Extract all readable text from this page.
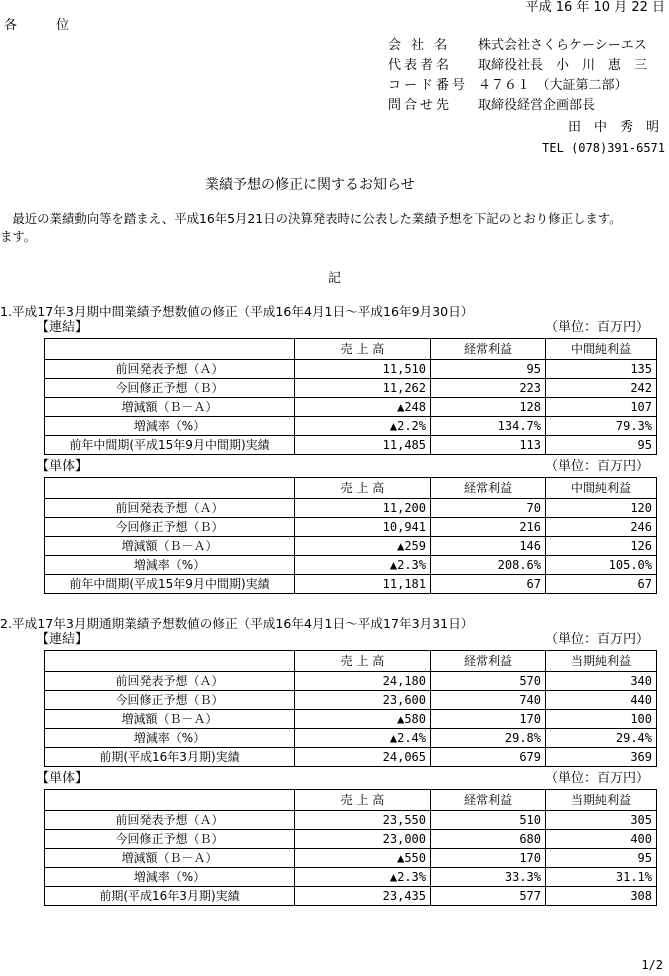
平成 16 年 10 月 22 日
各　　　位
会 社 名 株式会社さくらケーシーエス
代表者名 取締役社長　小　川　恵　三
コード番号 ４７６１　（大証第二部）
問合せ先 取締役経営企画部長
田　中　秀　明
TEL (078)391-6571
業績予想の修正に関するお知らせ
　最近の業績動向等を踏まえ、平成16年5月21日の決算発表時に公表した業績予想を下記のとおり修正します。
ます。
記
1.平成17年3月期中間業績予想数値の修正（平成16年4月1日～平成16年9月30日）
【連結】	（単位：百万円）
	売 上 高	経常利益	中間純利益
前回発表予想（Ａ）	11,510	95	135
今回修正予想（Ｂ）	11,262	223	242
増減額（Ｂ－Ａ）	▲248	128	107
増減率（%）	▲2.2%	134.7%	79.3%
前年中間期(平成15年9月中間期)実績	11,485	113	95
【単体】	（単位：百万円）
	売 上 高	経常利益	中間純利益
前回発表予想（Ａ）	11,200	70	120
今回修正予想（Ｂ）	10,941	216	246
増減額（Ｂ－Ａ）	▲259	146	126
増減率（%）	▲2.3%	208.6%	105.0%
前年中間期(平成15年9月中間期)実績	11,181	67	67
2.平成17年3月期通期業績予想数値の修正（平成16年4月1日～平成17年3月31日）
【連結】	（単位：百万円）
	売 上 高	経常利益	当期純利益
前回発表予想（Ａ）	24,180	570	340
今回修正予想（Ｂ）	23,600	740	440
増減額（Ｂ－Ａ）	▲580	170	100
増減率（%）	▲2.4%	29.8%	29.4%
前期(平成16年3月期)実績	24,065	679	369
【単体】	（単位：百万円）
	売 上 高	経常利益	当期純利益
前回発表予想（Ａ）	23,550	510	305
今回修正予想（Ｂ）	23,000	680	400
増減額（Ｂ－Ａ）	▲550	170	95
増減率（%）	▲2.3%	33.3%	31.1%
前期(平成16年3月期)実績	23,435	577	308
1/2
